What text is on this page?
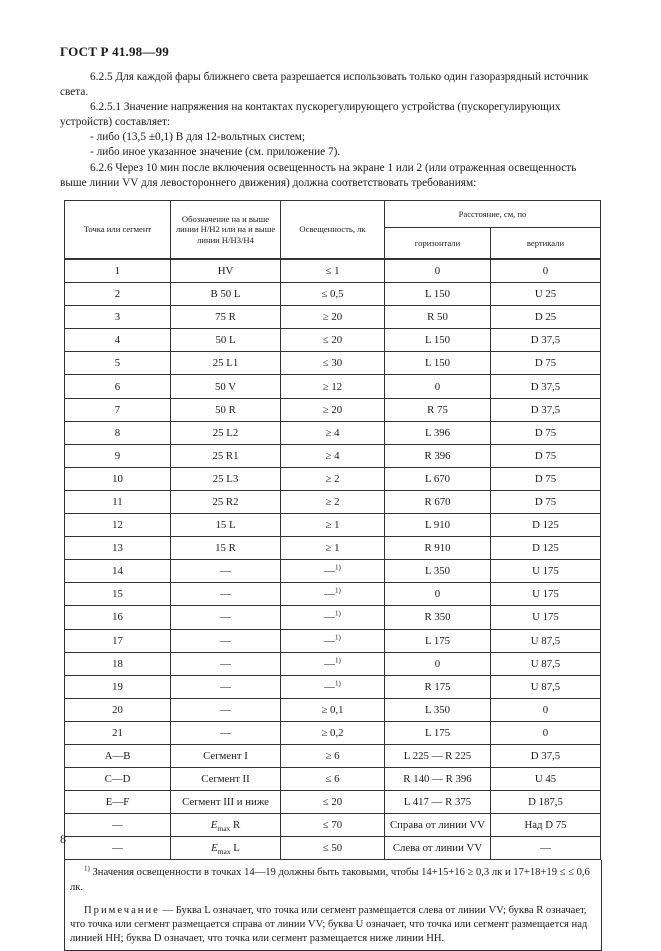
ГОСТ Р 41.98—99

6.2.5 Для каждой фары ближнего света разрешается использовать только один газоразрядный источник света.

6.2.5.1 Значение напряжения на контактах пускорегулирующего устройства (пускорегулирующих устройств) составляет:

- либо (13,5 ±0,1) В для 12-вольтных систем;

- либо иное указанное значение (см. приложение 7).

6.2.6 Через 10 мин после включения освещенность на экране 1 или 2 (или отраженная освещенность выше линии VV для левостороннего движения) должна соответствовать требованиям:

Точка или сегмент	Обозначение на и выше линии H/H2 или на и выше линии H/H3/H4	Освещенность, лк	Расстояние, см, по	
			горизонтали	вертикали
1	HV	≤ 1	0	0
2	B 50 L	≤ 0,5	L 150	U 25
3	75 R	≥ 20	R 50	D 25
4	50 L	≤ 20	L 150	D 37,5
5	25 L1	≤ 30	L 150	D 75
6	50 V	≥ 12	0	D 37,5
7	50 R	≥ 20	R 75	D 37,5
8	25 L2	≥ 4	L 396	D 75
9	25 R1	≥ 4	R 396	D 75
10	25 L3	≥ 2	L 670	D 75
11	25 R2	≥ 2	R 670	D 75
12	15 L	≥ 1	L 910	D 125
13	15 R	≥ 1	R 910	D 125
14	—	—$^{1)}$	L 350	U 175
15	—	—$^{1)}$	0	U 175
16	—	—$^{1)}$	R 350	U 175
17	—	—$^{1)}$	L 175	U 87,5
18	—	—$^{1)}$	0	U 87,5
19	—	—$^{1)}$	R 175	U 87,5
20	—	≥ 0,1	L 350	0
21	—	≥ 0,2	L 175	0
A—B	Сегмент I	≥ 6	L 225 — R 225	D 37,5
C—D	Сегмент II	≤ 6	R 140 — R 396	U 45
E—F	Сегмент III и ниже	≤ 20	L 417 — R 375	D 187,5
—	$E_{max}$ R	≤ 70	Справа от линии VV	Над D 75
—	$E_{max}$ L	≤ 50	Слева от линии VV	—

$^{1)}$ Значения освещенности в точках 14—19 должны быть таковыми, чтобы 14+15+16 ≥ 0,3 лк и 17+18+19 ≤ ≤ 0,6 лк.

Примечание — Буква L означает, что точка или сегмент размещается слева от линии VV; буква R означает, что точка или сегмент размещается справа от линии VV; буква U означает, что точка или сегмент размещается над линией HH; буква D означает, что точка или сегмент размещается ниже линии HH.

8
